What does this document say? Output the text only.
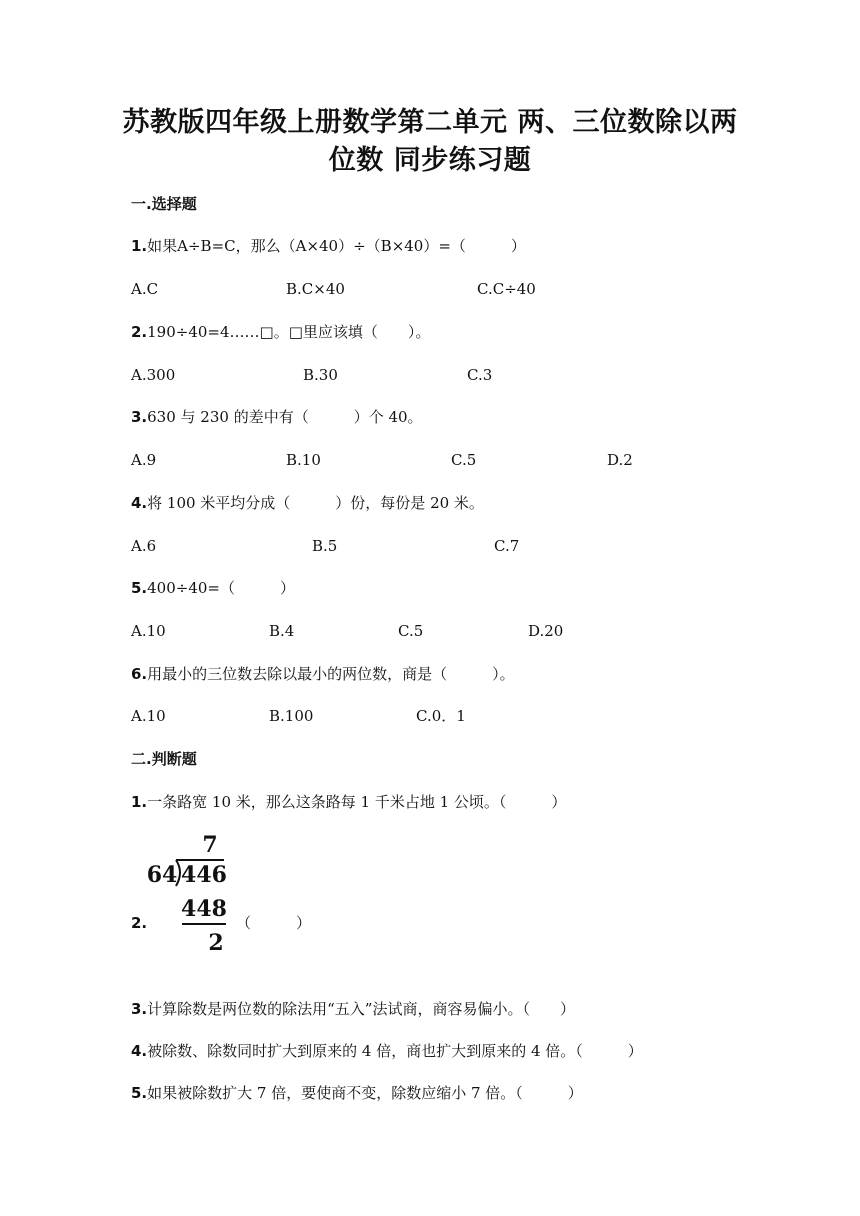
苏教版四年级上册数学第二单元 两、三位数除以两
位数 同步练习题
一.选择题
1.如果A÷B=C，那么（A×40）÷（B×40）=（　　　）
A.C	B.C×40	C.C÷40
2.190÷40=4……□。□里应该填（　　）。
A.300	B.30	C.3
3.630 与 230 的差中有（　　　）个 40。
A.9	B.10	C.5	D.2
4.将 100 米平均分成（　　　）份，每份是 20 米。
A.6	B.5	C.7
5.400÷40=（　　　）
A.10	B.4	C.5	D.20
6.用最小的三位数去除以最小的两位数，商是（　　　）。
A.10	B.100	C.0．1
二.判断题
1.一条路宽 10 米，那么这条路每 1 千米占地 1 公顷。（　　　）
2.
7
64 446
448
2
（　　　）
3.计算除数是两位数的除法用“五入”法试商，商容易偏小。（　　）
4.被除数、除数同时扩大到原来的 4 倍，商也扩大到原来的 4 倍。（　　　）
5.如果被除数扩大 7 倍，要使商不变，除数应缩小 7 倍。（　　　）
